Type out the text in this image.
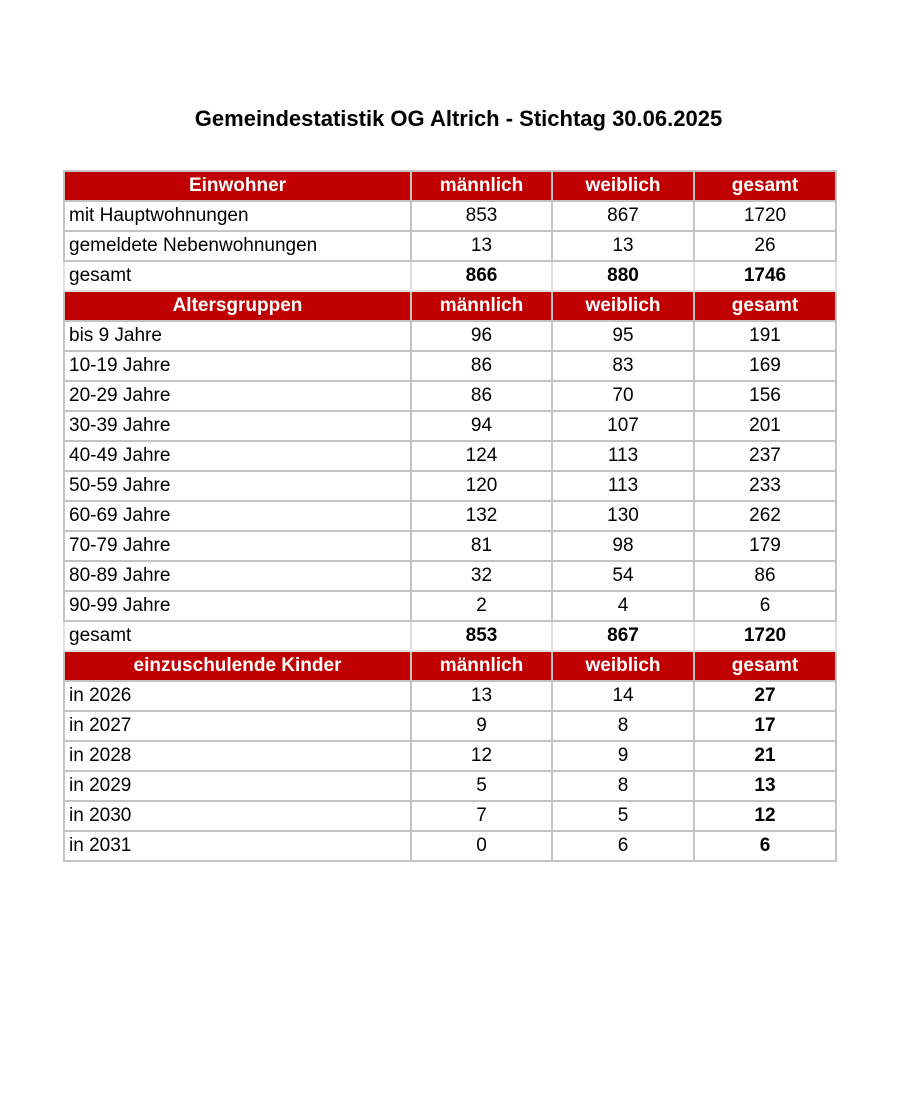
Gemeindestatistik OG Altrich - Stichtag 30.06.2025
Einwohner	männlich	weiblich	gesamt
mit Hauptwohnungen	853	867	1720
gemeldete Nebenwohnungen	13	13	26
gesamt	866	880	1746
Altersgruppen	männlich	weiblich	gesamt
bis 9 Jahre	96	95	191
10-19 Jahre	86	83	169
20-29 Jahre	86	70	156
30-39 Jahre	94	107	201
40-49 Jahre	124	113	237
50-59 Jahre	120	113	233
60-69 Jahre	132	130	262
70-79 Jahre	81	98	179
80-89 Jahre	32	54	86
90-99 Jahre	2	4	6
gesamt	853	867	1720
einzuschulende Kinder	männlich	weiblich	gesamt
in 2026	13	14	27
in 2027	9	8	17
in 2028	12	9	21
in 2029	5	8	13
in 2030	7	5	12
in 2031	0	6	6
